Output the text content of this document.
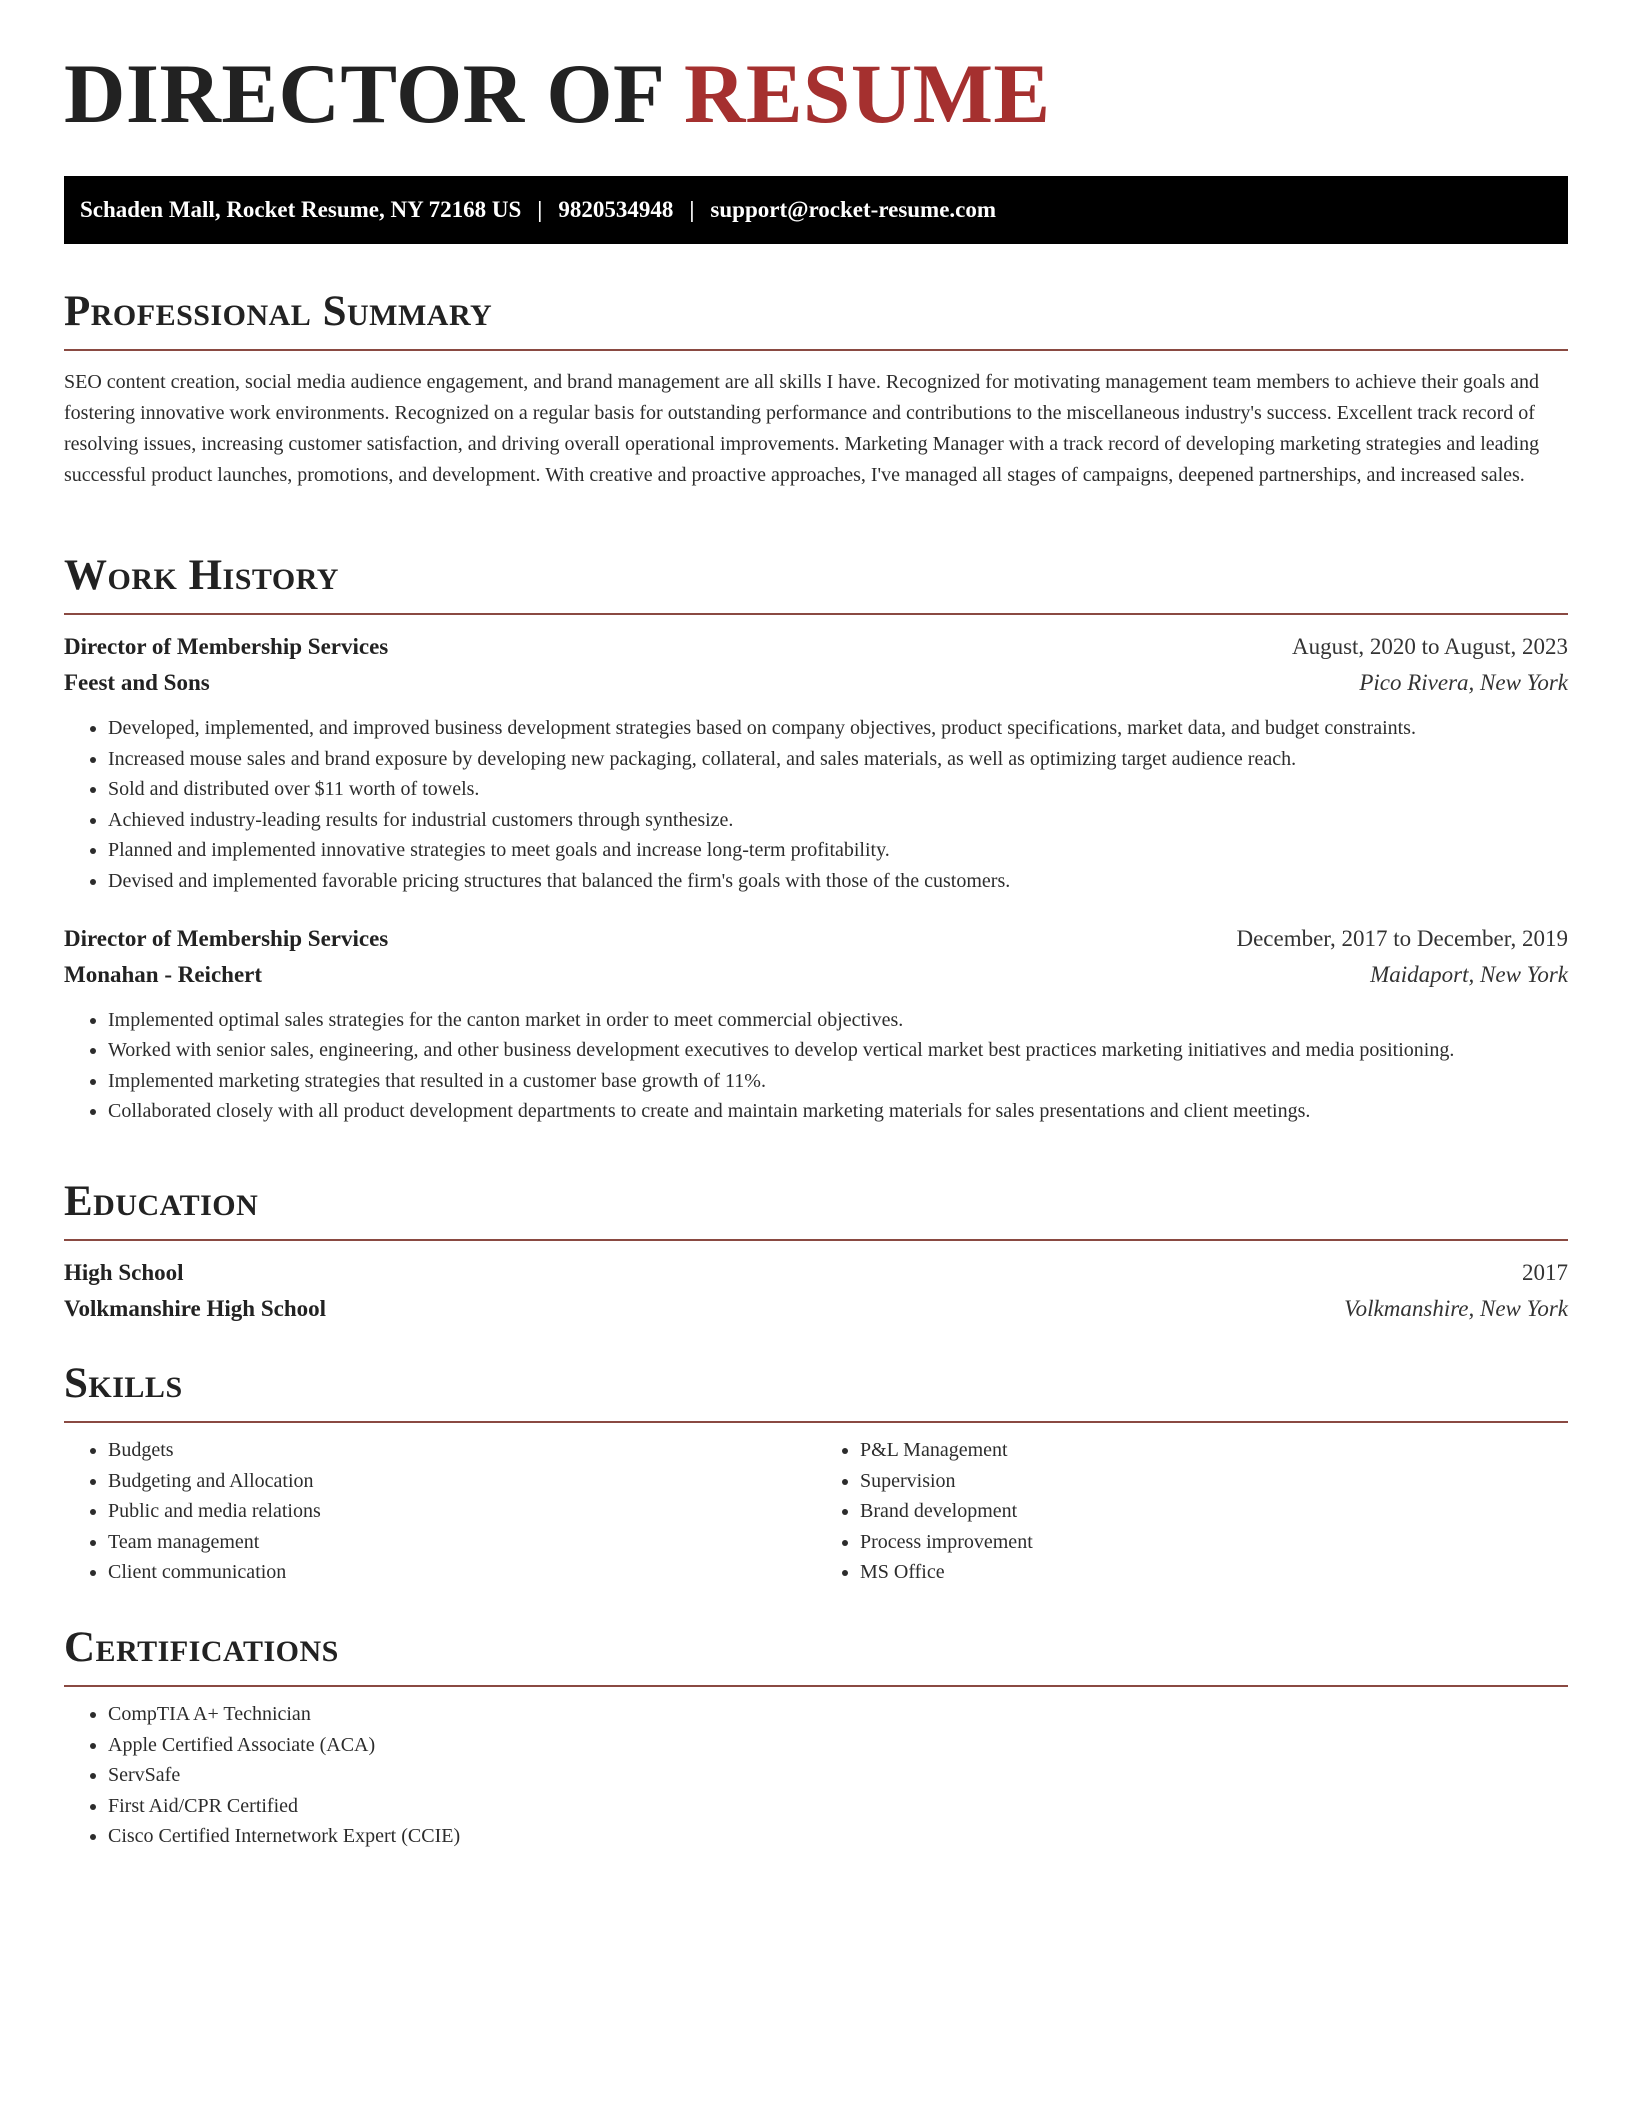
DIRECTOR OF RESUME
Schaden Mall, Rocket Resume, NY 72168 US | 9820534948 | support@rocket-resume.com
Professional Summary

SEO content creation, social media audience engagement, and brand management are all skills I have. Recognized for motivating management team members to achieve their goals and fostering innovative work environments. Recognized on a regular basis for outstanding performance and contributions to the miscellaneous industry's success. Excellent track record of resolving issues, increasing customer satisfaction, and driving overall operational improvements. Marketing Manager with a track record of developing marketing strategies and leading successful product launches, promotions, and development. With creative and proactive approaches, I've managed all stages of campaigns, deepened partnerships, and increased sales.

Work History
Director of Membership Services	August, 2020 to August, 2023
Feest and Sons	Pico Rivera, New York
• Developed, implemented, and improved business development strategies based on company objectives, product specifications, market data, and budget constraints.
• Increased mouse sales and brand exposure by developing new packaging, collateral, and sales materials, as well as optimizing target audience reach.
• Sold and distributed over $11 worth of towels.
• Achieved industry-leading results for industrial customers through synthesize.
• Planned and implemented innovative strategies to meet goals and increase long-term profitability.
• Devised and implemented favorable pricing structures that balanced the firm's goals with those of the customers.
Director of Membership Services	December, 2017 to December, 2019
Monahan - Reichert	Maidaport, New York
• Implemented optimal sales strategies for the canton market in order to meet commercial objectives.
• Worked with senior sales, engineering, and other business development executives to develop vertical market best practices marketing initiatives and media positioning.
• Implemented marketing strategies that resulted in a customer base growth of 11%.
• Collaborated closely with all product development departments to create and maintain marketing materials for sales presentations and client meetings.
Education
High School	2017
Volkmanshire High School	Volkmanshire, New York
Skills
• Budgets
• Budgeting and Allocation
• Public and media relations
• Team management
• Client communication
• P&L Management
• Supervision
• Brand development
• Process improvement
• MS Office
Certifications
• CompTIA A+ Technician
• Apple Certified Associate (ACA)
• ServSafe
• First Aid/CPR Certified
• Cisco Certified Internetwork Expert (CCIE)
